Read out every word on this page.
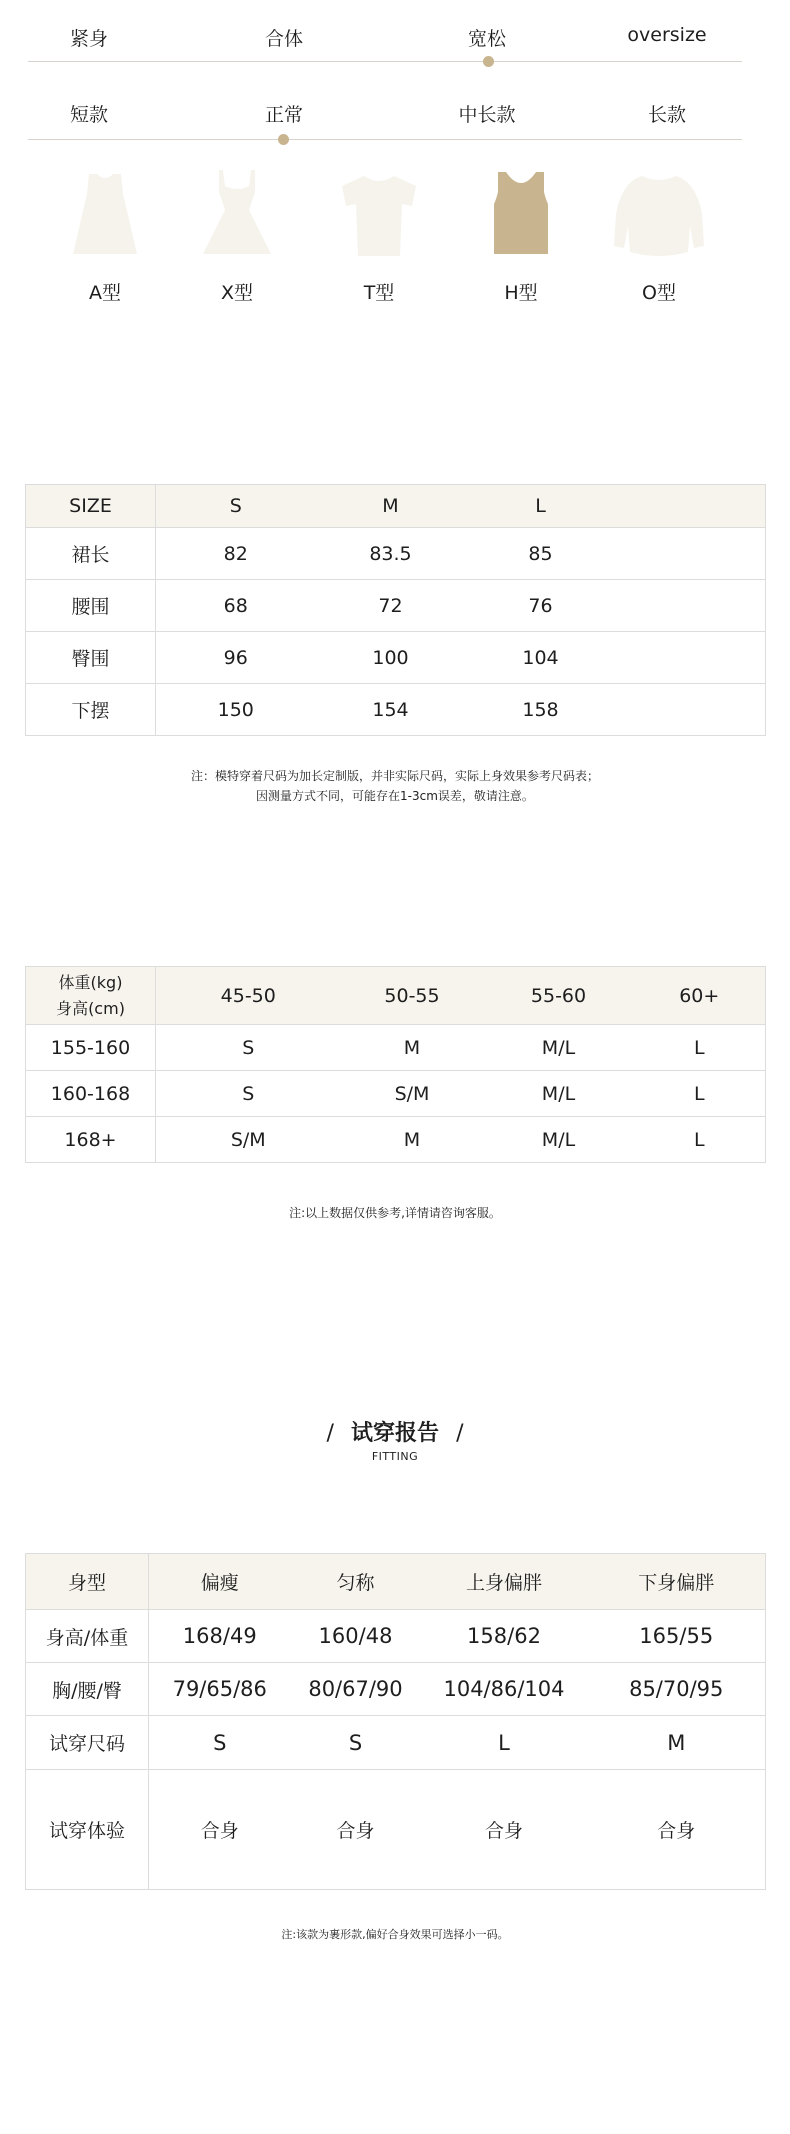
紧身	合体	宽松	oversize
短款	正常	中长款	长款
A型	X型	T型	H型	O型
SIZE	S	M	L	
裙长	82	83.5	85	
腰围	68	72	76	
臀围	96	100	104	
下摆	150	154	158	
注：模特穿着尺码为加长定制版，并非实际尺码，实际上身效果参考尺码表；
因测量方式不同，可能存在1-3cm误差，敬请注意。
体重(kg)
身高(cm)	45-50	50-55	55-60	60+
155-160	S	M	M/L	L
160-168	S	S/M	M/L	L
168+	S/M	M	M/L	L
注:以上数据仅供参考,详情请咨询客服。
/ 试穿报告 /
FITTING
身型	偏瘦	匀称	上身偏胖	下身偏胖
身高/体重	168/49	160/48	158/62	165/55
胸/腰/臀	79/65/86	80/67/90	104/86/104	85/70/95
试穿尺码	S	S	L	M
试穿体验	合身	合身	合身	合身
注:该款为裹形款,偏好合身效果可选择小一码。
